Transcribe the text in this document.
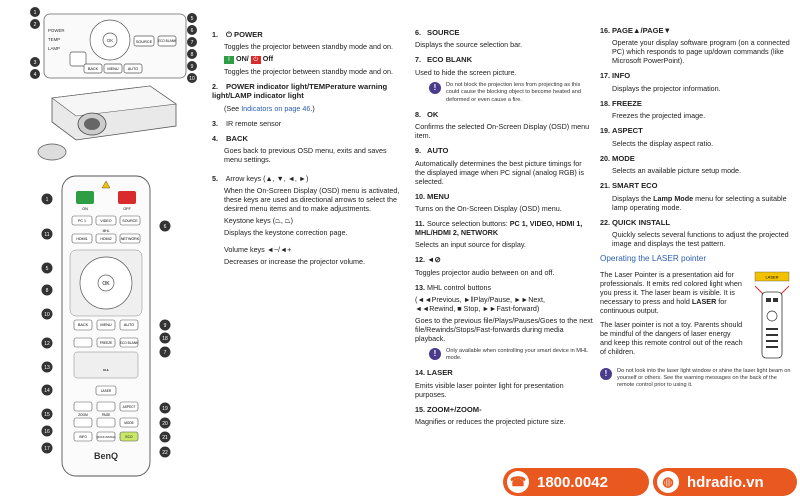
POWER
TEMP
LAMP
OK	SOURCE ECO BLANK
BACK MENU AUTO
1
2
3
4
5
6
7
8
9
10
ON	OFF
PC 1	VIDEO	SOURCE
MHL
HDMI1	HDMI2	NETWORK
OK
BACK	MENU	AUTO
FREEZE ECO BLANK
MHL
LASER
ZOOM	PAGE
ASPECT
MODE
INFO	QUICK INSTALL	ECO
BenQ
1
11
5
8
10
12
13
14
15
16
17
6
9
18
7
19
20
21
22
1. ⏻ POWER
Toggles the projector between standby mode and on.
I ON/ ⏻ Off
Toggles the projector between standby mode and on.
2. POWER indicator light/TEMPerature warning light/LAMP indicator light
(See Indicators on page 46.)
3. IR remote sensor
4. BACK
Goes back to previous OSD menu, exits and saves menu settings.
5. Arrow keys (▲, ▼, ◄, ►)
When the On-Screen Display (OSD) menu is activated, these keys are used as directional arrows to select the desired menu items and to make adjustments.
Keystone keys (⏢, ⏢)
Displays the keystone correction page.
Volume keys ◄−/◄+
Decreases or increase the projector volume.
6. SOURCE
Displays the source selection bar.
7. ECO BLANK
Used to hide the screen picture.
!	Do not block the projection lens from projecting as this could cause the blocking object to become heated and deformed or even cause a fire.
8. OK
Confirms the selected On-Screen Display (OSD) menu item.
9. AUTO
Automatically determines the best picture timings for the displayed image when PC signal (analog RGB) is selected.
10. MENU
Turns on the On-Screen Display (OSD) menu.
11. Source selection buttons: PC 1, VIDEO, HDMI 1, MHL/HDMI 2, NETWORK
Selects an input source for display.
12. ◄⊘
Toggles projector audio between on and off.
13. MHL control buttons
(◄◄Previous, ►‖Play/Pause, ►►Next,
◄◄Rewind, ■ Stop, ►►Fast-forward)
Goes to the previous file/Plays/Pauses/Goes to the next file/Rewinds/Stops/Fast-forwards during media playback.
!	Only available when controlling your smart device in MHL mode.
14. LASER
Emits visible laser pointer light for presentation purposes.
15. ZOOM+/ZOOM-
Magnifies or reduces the projected picture size.
16. PAGE▲/PAGE▼
Operate your display software program (on a connected PC) which responds to page up/down commands (like Microsoft PowerPoint).
17. INFO
Displays the projector information.
18. FREEZE
Freezes the projected image.
19. ASPECT
Selects the display aspect ratio.
20. MODE
Selects an available picture setup mode.
21. SMART ECO
Displays the Lamp Mode menu for selecting a suitable lamp operating mode.
22. QUICK INSTALL
Quickly selects several functions to adjust the projected image and displays the test pattern.
Operating the LASER pointer
The Laser Pointer is a presentation aid for professionals. It emits red colored light when you press it. The laser beam is visible. It is necessary to press and hold LASER for continuous output.
The laser pointer is not a toy. Parents should be mindful of the dangers of laser energy and keep this remote control out of the reach of children.
LASER
!	Do not look into the laser light window or shine the laser light beam on yourself or others. See the warning messages on the back of the remote control prior to using it.
☎ 1800.0042	◍ hdradio.vn
